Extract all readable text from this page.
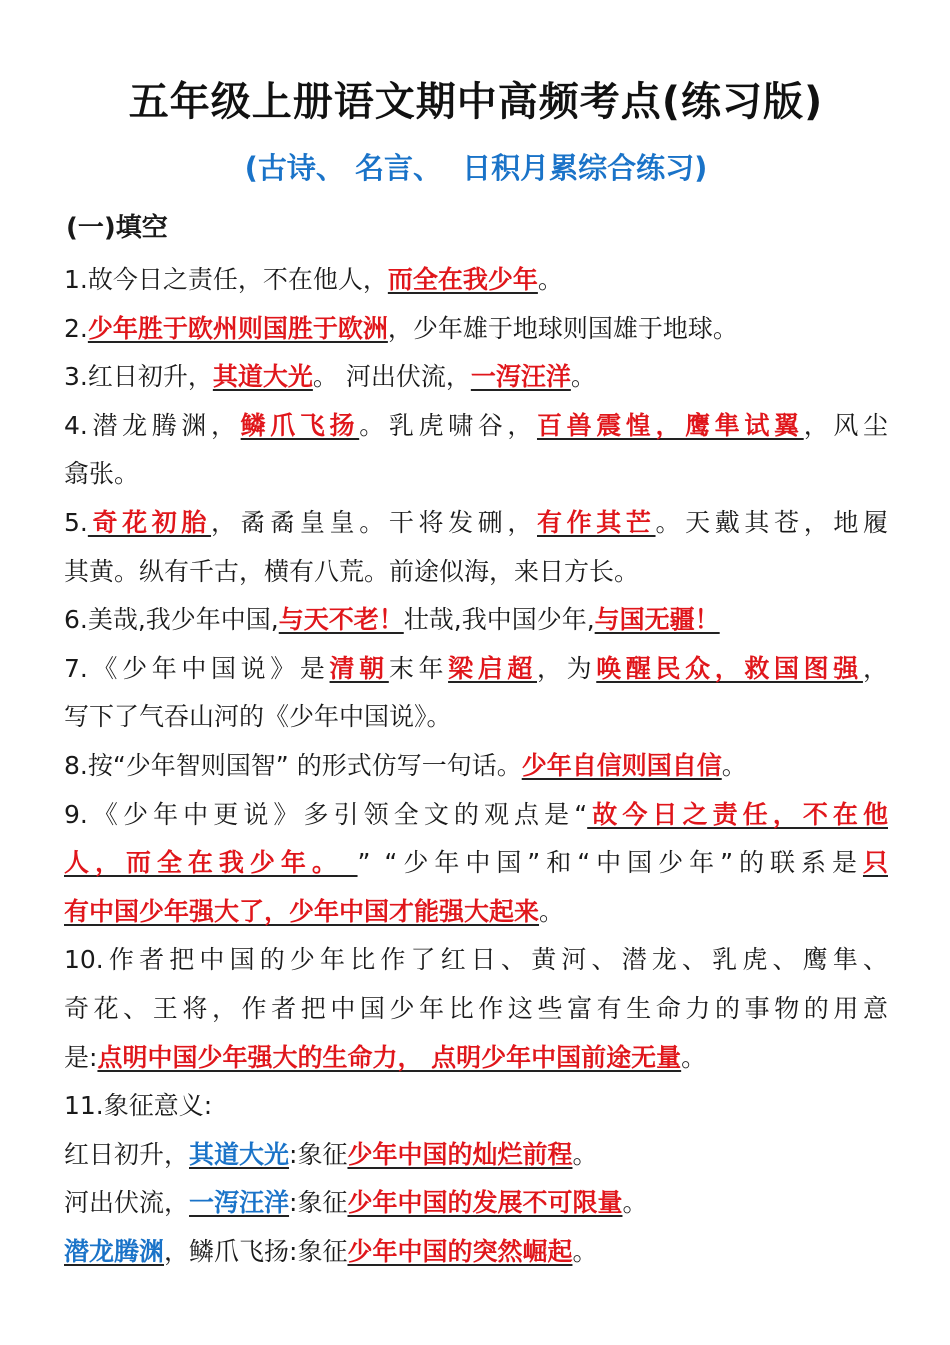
五年级上册语文期中高频考点(练习版)
(古诗、 名言、  日积月累综合练习)
(一)填空
1.故今日之责任，不在他人，而全在我少年。
2.少年胜于欧州则国胜于欧洲，少年雄于地球则国雄于地球。
3.红日初升，其道大光。 河出伏流，一泻汪洋。
4.潜龙腾渊，鳞爪飞扬。乳虎啸谷，百兽震惶，鹰隼试翼，风尘
翕张。
5.奇花初胎，矞矞皇皇。干将发硎，有作其芒。天戴其苍，地履
其黄。纵有千古，横有八荒。前途似海，来日方长。
6.美哉,我少年中国,与天不老！壮哉,我中国少年,与国无疆！
7.《少年中国说》是清朝末年梁启超，为唤醒民众，救国图强，
写下了气吞山河的《少年中国说》。
8.按“少年智则国智” 的形式仿写一句话。少年自信则国自信。
9.《少年中更说》多引领全文的观点是“故今日之责任，不在他
人，而全在我少年。 ” “少年中国”和“中国少年”的联系是只
有中国少年强大了，少年中国才能强大起来。
10.作者把中国的少年比作了红日、黄河、潜龙、乳虎、鹰隼、
奇花、王将，作者把中国少年比作这些富有生命力的事物的用意
是:点明中国少年强大的生命力， 点明少年中国前途无量。
11.象征意义:
红日初升，其道大光:象征少年中国的灿烂前程。
河出伏流，一泻汪洋:象征少年中国的发展不可限量。
潜龙腾渊，鳞爪飞扬:象征少年中国的突然崛起。
